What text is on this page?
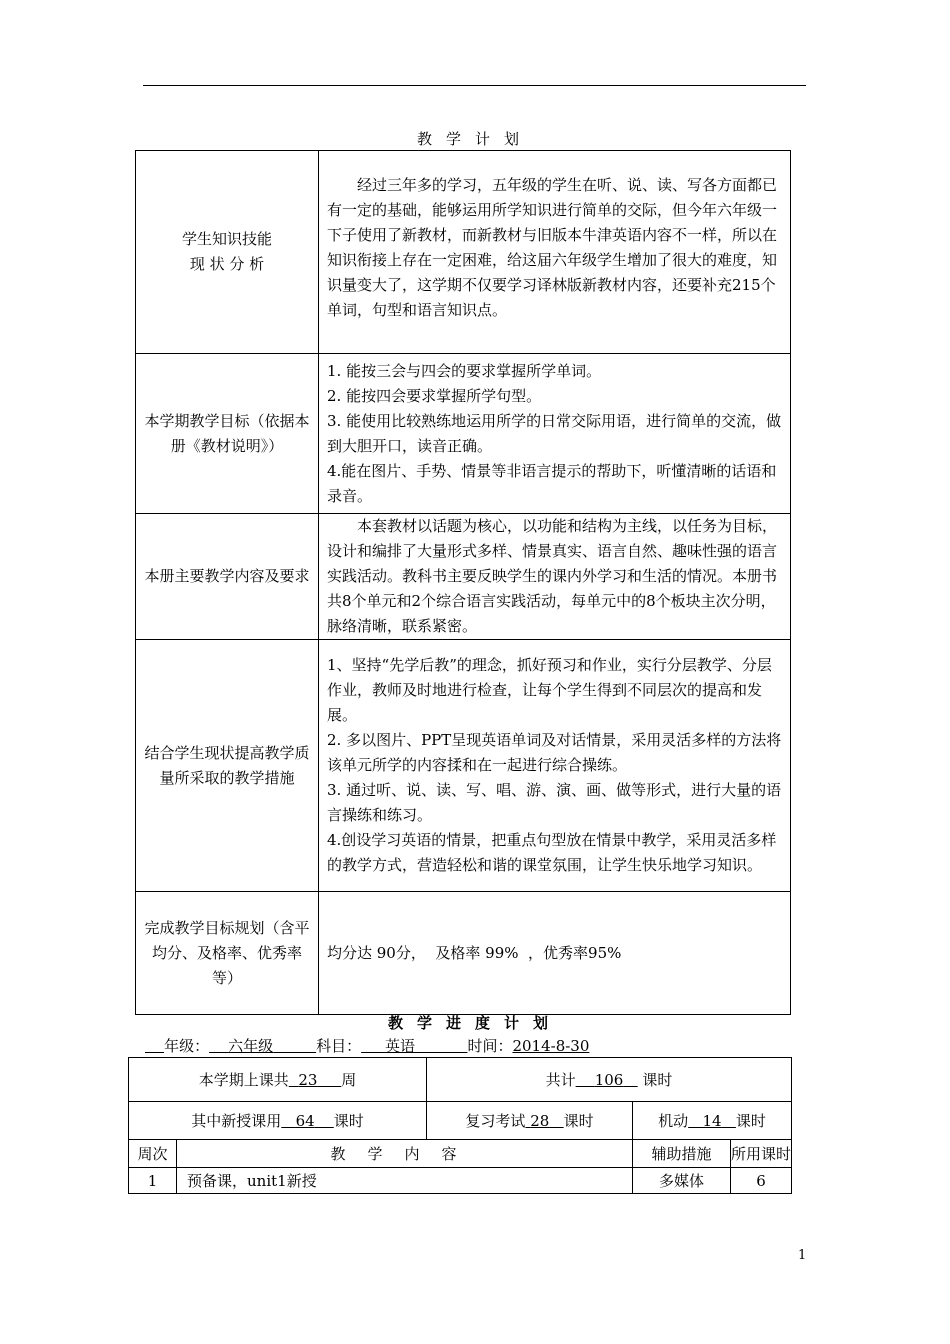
教学计划
学生知识技能
现 状 分 析	经过三年多的学习，五年级的学生在听、说、读、写各方面都已有一定的基础，能够运用所学知识进行简单的交际，但今年六年级一下子使用了新教材，而新教材与旧版本牛津英语内容不一样，所以在知识衔接上存在一定困难，给这届六年级学生增加了很大的难度，知识量变大了，这学期不仅要学习译林版新教材内容，还要补充215个单词，句型和语言知识点。

本学期教学目标（依据本册《教材说明》）	1. 能按三会与四会的要求掌握所学单词。

2. 能按四会要求掌握所学句型。

3. 能使用比较熟练地运用所学的日常交际用语，进行简单的交流，做到大胆开口，读音正确。

4.能在图片、手势、情景等非语言提示的帮助下，听懂清晰的话语和录音。

本册主要教学内容及要求	本套教材以话题为核心，以功能和结构为主线，以任务为目标，设计和编排了大量形式多样、情景真实、语言自然、趣味性强的语言实践活动。教科书主要反映学生的课内外学习和生活的情况。本册书共8个单元和2个综合语言实践活动，每单元中的8个板块主次分明，脉络清晰，联系紧密。

结合学生现状提高教学质量所采取的教学措施	1、坚持“先学后教”的理念，抓好预习和作业，实行分层教学、分层作业，教师及时地进行检查，让每个学生得到不同层次的提高和发展。

2. 多以图片、PPT呈现英语单词及对话情景，采用灵活多样的方法将该单元所学的内容揉和在一起进行综合操练。

3. 通过听、说、读、写、唱、游、演、画、做等形式，进行大量的语言操练和练习。

4.创设学习英语的情景，把重点句型放在情景中教学，采用灵活多样的教学方式，营造轻松和谐的课堂氛围，让学生快乐地学习知识。

完成教学目标规划（含平均分、及格率、优秀率等）	均分达 90分，  及格率 99%  ，优秀率95%

教学进度计划
年级： 六年级	科目： 英语	时间：2014-8-30
本学期上课共 23 周		共计 106 课时		
其中新授课用 64 课时		复习考试 28 课时	机动 14 课时	
周次	教学内容		辅助措施	所用课时
1	预备课，unit1新授		多媒体	6
1
